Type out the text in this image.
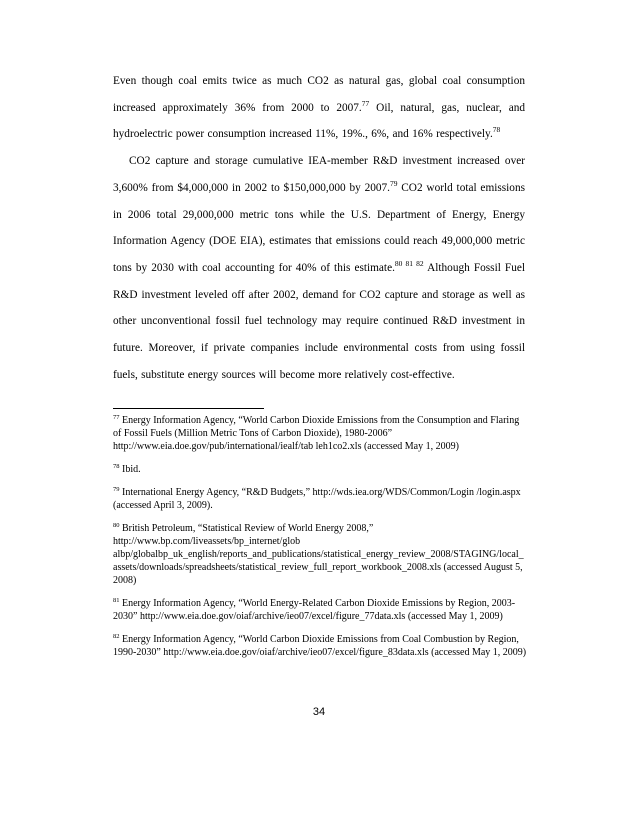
Even though coal emits twice as much CO2 as natural gas, global coal consumption increased approximately 36% from 2000 to 2007.77 Oil, natural, gas, nuclear, and hydroelectric power consumption increased 11%, 19%., 6%, and 16% respectively.$^{78}$

CO2 capture and storage cumulative IEA-member R&D investment increased over 3,600% from $4,000,000 in 2002 to $150,000,000 by 2007.79 CO2 world total emissions in 2006 total 29,000,000 metric tons while the U.S. Department of Energy, Energy Information Agency (DOE EIA), estimates that emissions could reach 49,000,000 metric tons by 2030 with coal accounting for 40% of this estimate.$^{80 81 82}$ Although Fossil Fuel R&D investment leveled off after 2002, demand for CO2 capture and storage as well as other unconventional fossil fuel technology may require continued R&D investment in future. Moreover, if private companies include environmental costs from using fossil fuels, substitute energy sources will become more relatively cost-effective.

$^{77}$ Energy Information Agency, “World Carbon Dioxide Emissions from the Consumption and Flaring of Fossil Fuels (Million Metric Tons of Carbon Dioxide), 1980-2006” http://www.eia.doe.gov/pub/international/iealf/tab leh1co2.xls (accessed May 1, 2009)

$^{78}$ Ibid.

$^{79}$ International Energy Agency, “R&D Budgets,” http://wds.iea.org/WDS/Common/Login /login.aspx (accessed April 3, 2009).

$^{80}$ British Petroleum, “Statistical Review of World Energy 2008,” http://www.bp.com/liveassets/bp_internet/glob albp/globalbp_uk_english/reports_and_publications/statistical_energy_review_2008/STAGING/local_assets/downloads/spreadsheets/statistical_review_full_report_workbook_2008.xls (accessed August 5, 2008)

$^{81}$ Energy Information Agency, “World Energy-Related Carbon Dioxide Emissions by Region, 2003-2030” http://www.eia.doe.gov/oiaf/archive/ieo07/excel/figure_77data.xls (accessed May 1, 2009)

$^{82}$ Energy Information Agency, “World Carbon Dioxide Emissions from Coal Combustion by Region, 1990-2030” http://www.eia.doe.gov/oiaf/archive/ieo07/excel/figure_83data.xls (accessed May 1, 2009)

34
